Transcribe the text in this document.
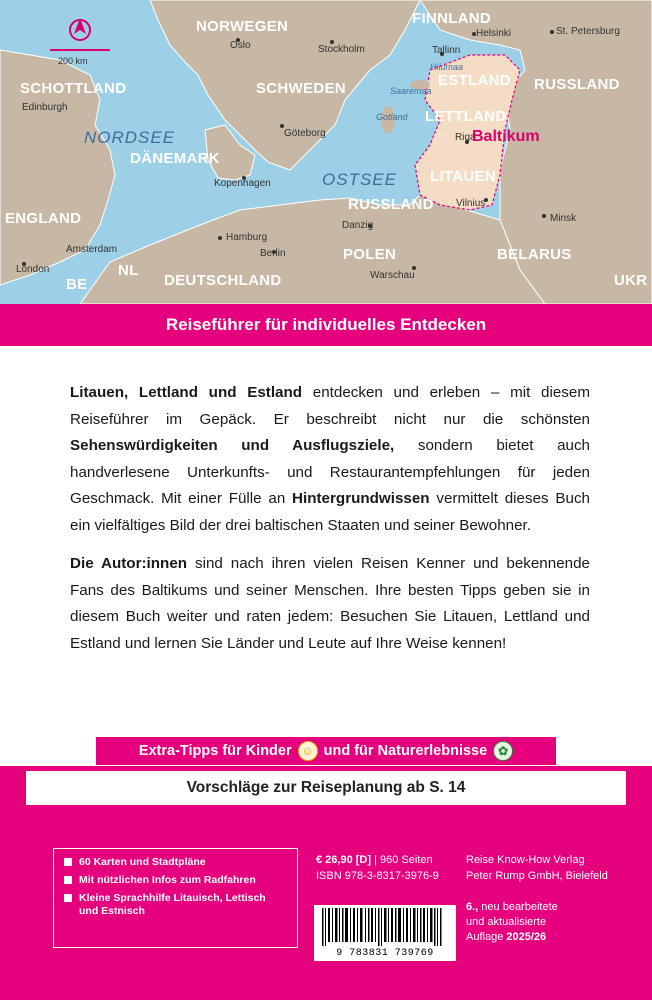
200 km
NORWEGEN	FINNLAND
SCHOTTLAND	SCHWEDEN	RUSSLAND
ESTLAND
LETTLAND
DÄNEMARK
LITAUEN
RUSSLAND
ENGLAND
NL
BE	DEUTSCHLAND
POLEN	BELARUS
UKR
Oslo	Stockholm
Helsinki	St. Petersburg
Tallinn
Edinburgh
Göteborg	Riga
Kopenhagen
Vilnius
Minsk
Danzig
Hamburg
Berlin
Amsterdam
London
Warschau
NORDSEE
OSTSEE
Hiiumaa
Saaremaa
Gotland
Baltikum
Reiseführer für individuelles Entdecken

Litauen, Lettland und Estland entdecken und erleben – mit diesem Reiseführer im Gepäck. Er beschreibt nicht nur die schönsten Sehenswürdigkeiten und Ausflugsziele, sondern bietet auch handverlesene Unterkunfts- und Restaurantempfehlungen für jeden Geschmack. Mit einer Fülle an Hintergrundwissen vermittelt dieses Buch ein vielfältiges Bild der drei baltischen Staaten und seiner Bewohner.

Die Autor:innen sind nach ihren vielen Reisen Kenner und bekennende Fans des Baltikums und seiner Menschen. Ihre besten Tipps geben sie in diesem Buch weiter und raten jedem: Besuchen Sie Litauen, Lettland und Estland und lernen Sie Länder und Leute auf Ihre Weise kennen!

Extra-Tipps für Kinder ☺ und für Naturerlebnisse ✿
Vorschläge zur Reiseplanung ab S. 14
60 Karten und Stadtpläne
Mit nützlichen Infos zum Radfahren
Kleine Sprachhilfe Litauisch, Lettisch und Estnisch
€ 26,90 [D] | 960 Seiten
ISBN 978-3-8317-3976-9
Reise Know-How Verlag
Peter Rump GmbH, Bielefeld
6., neu bearbeitete
und aktualisierte
Auflage 2025/26
9 783831 739769
